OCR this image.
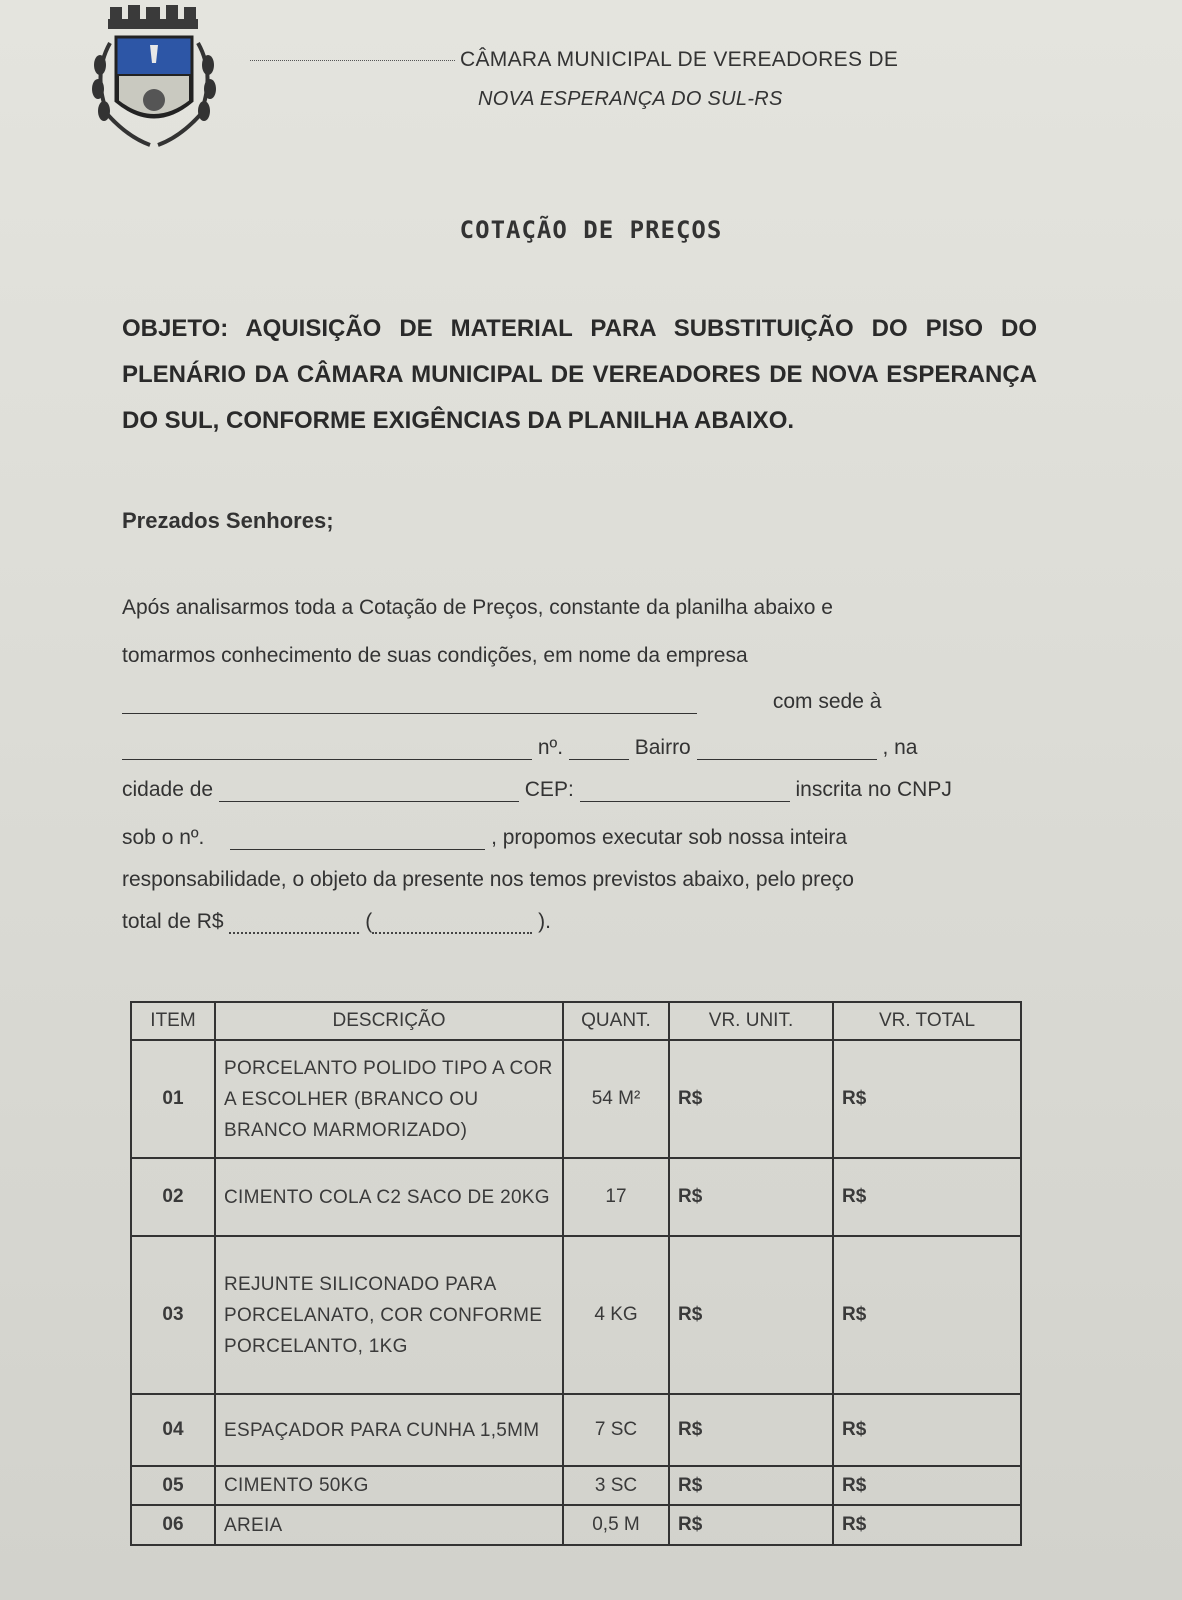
CÂMARA MUNICIPAL DE VEREADORES DE
NOVA ESPERANÇA DO SUL-RS
COTAÇÃO DE PREÇOS
OBJETO: AQUISIÇÃO DE MATERIAL PARA SUBSTITUIÇÃO DO PISO DO PLENÁRIO DA CÂMARA MUNICIPAL DE VEREADORES DE NOVA ESPERANÇA DO SUL, CONFORME EXIGÊNCIAS DA PLANILHA ABAIXO.
Prezados Senhores;
Após analisarmos toda a Cotação de Preços, constante da planilha abaixo e
tomarmos conhecimento de suas condições, em nome da empresa
com sede à
nº.	Bairro	, na
cidade de	CEP:	inscrita no CNPJ
sob o nº.	, propomos executar sob nossa inteira
responsabilidade, o objeto da presente nos temos previstos abaixo, pelo preço
total de R$	(	).
ITEM	DESCRIÇÃO	QUANT.	VR. UNIT.	VR. TOTAL
01	PORCELANTO POLIDO TIPO A COR A ESCOLHER (BRANCO OU BRANCO MARMORIZADO)	54 M²	R$	R$
02	CIMENTO COLA C2 SACO DE 20KG	17	R$	R$
03	REJUNTE SILICONADO PARA PORCELANATO, COR CONFORME PORCELANTO, 1KG	4 KG	R$	R$
04	ESPAÇADOR PARA CUNHA 1,5MM	7 SC	R$	R$
05	CIMENTO 50KG	3 SC	R$	R$
06	AREIA	0,5 M	R$	R$
